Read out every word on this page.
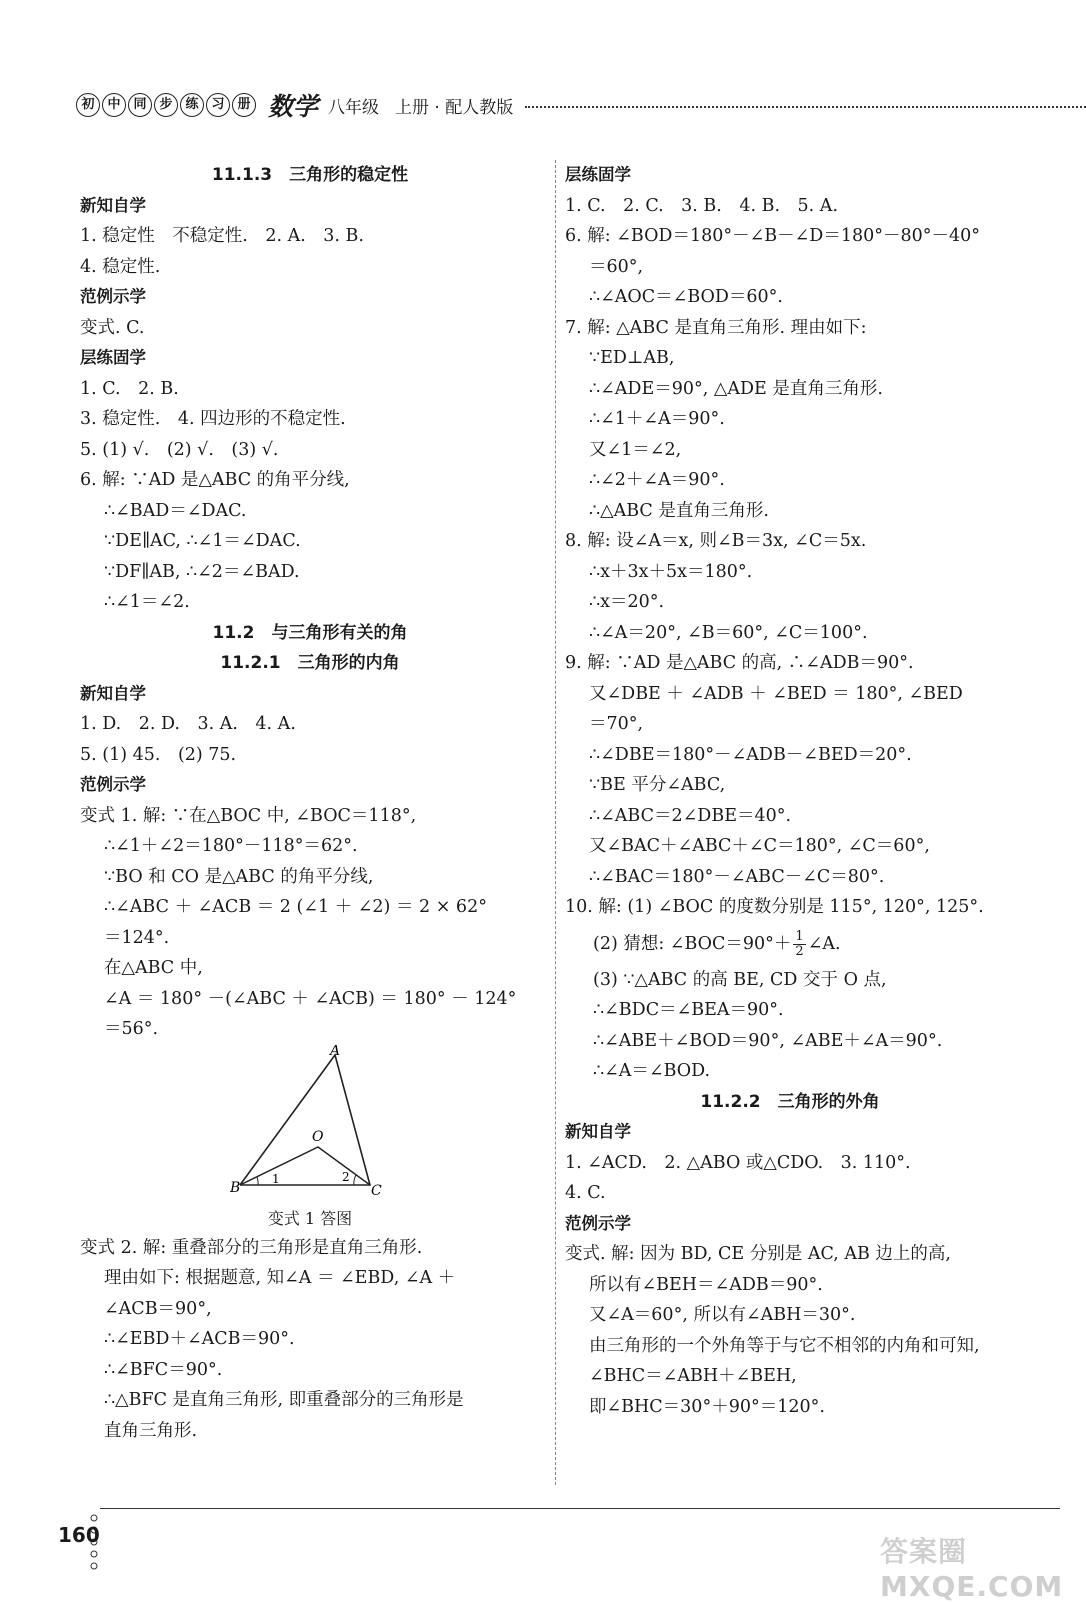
初 中 同 步 练 习 册 数学 八年级 上册 · 配人教版
11.1.3　三角形的稳定性
新知自学
1. 稳定性　不稳定性.　2. A.　3. B.
4. 稳定性.
范例示学
变式. C.
层练固学
1. C.　2. B.
3. 稳定性.　4. 四边形的不稳定性.
5. (1) √.　(2) √.　(3) √.
6. 解: ∵AD 是△ABC 的角平分线,
∴∠BAD＝∠DAC.
∵DE∥AC, ∴∠1＝∠DAC.
∵DF∥AB, ∴∠2＝∠BAD.
∴∠1＝∠2.
11.2　与三角形有关的角
11.2.1　三角形的内角
新知自学
1. D.　2. D.　3. A.　4. A.
5. (1) 45.　(2) 75.
范例示学
变式 1. 解: ∵在△BOC 中, ∠BOC＝118°,
∴∠1＋∠2＝180°－118°＝62°.
∵BO 和 CO 是△ABC 的角平分线,
∴∠ABC ＋ ∠ACB ＝ 2 (∠1 ＋ ∠2) ＝ 2 × 62°
＝124°.
在△ABC 中,
∠A ＝ 180° －(∠ABC ＋ ∠ACB) ＝ 180° － 124°
＝56°.
A
O
B	C
1	2
变式 1 答图
变式 2. 解: 重叠部分的三角形是直角三角形.
理由如下: 根据题意, 知∠A ＝ ∠EBD, ∠A ＋
∠ACB＝90°,
∴∠EBD＋∠ACB＝90°.
∴∠BFC＝90°.
∴△BFC 是直角三角形, 即重叠部分的三角形是
直角三角形.
层练固学
1. C.　2. C.　3. B.　4. B.　5. A.
6. 解: ∠BOD＝180°－∠B－∠D＝180°－80°－40°
＝60°,
∴∠AOC＝∠BOD＝60°.
7. 解: △ABC 是直角三角形. 理由如下:
∵ED⊥AB,
∴∠ADE＝90°, △ADE 是直角三角形.
∴∠1＋∠A＝90°.
又∠1＝∠2,
∴∠2＋∠A＝90°.
∴△ABC 是直角三角形.
8. 解: 设∠A＝x, 则∠B＝3x, ∠C＝5x.
∴x＋3x＋5x＝180°.
∴x＝20°.
∴∠A＝20°, ∠B＝60°, ∠C＝100°.
9. 解: ∵AD 是△ABC 的高, ∴∠ADB＝90°.
又∠DBE ＋ ∠ADB ＋ ∠BED ＝ 180°, ∠BED
＝70°,
∴∠DBE＝180°－∠ADB－∠BED＝20°.
∵BE 平分∠ABC,
∴∠ABC＝2∠DBE＝40°.
又∠BAC＋∠ABC＋∠C＝180°, ∠C＝60°,
∴∠BAC＝180°－∠ABC－∠C＝80°.
10. 解: (1) ∠BOC 的度数分别是 115°, 120°, 125°.
(2) 猜想: ∠BOC＝90°＋ $\frac{1}{2}$ ∠A.
(3) ∵△ABC 的高 BE, CD 交于 O 点,
∴∠BDC＝∠BEA＝90°.
∴∠ABE＋∠BOD＝90°, ∠ABE＋∠A＝90°.
∴∠A＝∠BOD.
11.2.2　三角形的外角
新知自学
1. ∠ACD.　2. △ABO 或△CDO.　3. 110°.
4. C.
范例示学
变式. 解: 因为 BD, CE 分别是 AC, AB 边上的高,
所以有∠BEH＝∠ADB＝90°.
又∠A＝60°, 所以有∠ABH＝30°.
由三角形的一个外角等于与它不相邻的内角和可知,
∠BHC＝∠ABH＋∠BEH,
即∠BHC＝30°＋90°＝120°.
160	答案圈 MXQE.COM
